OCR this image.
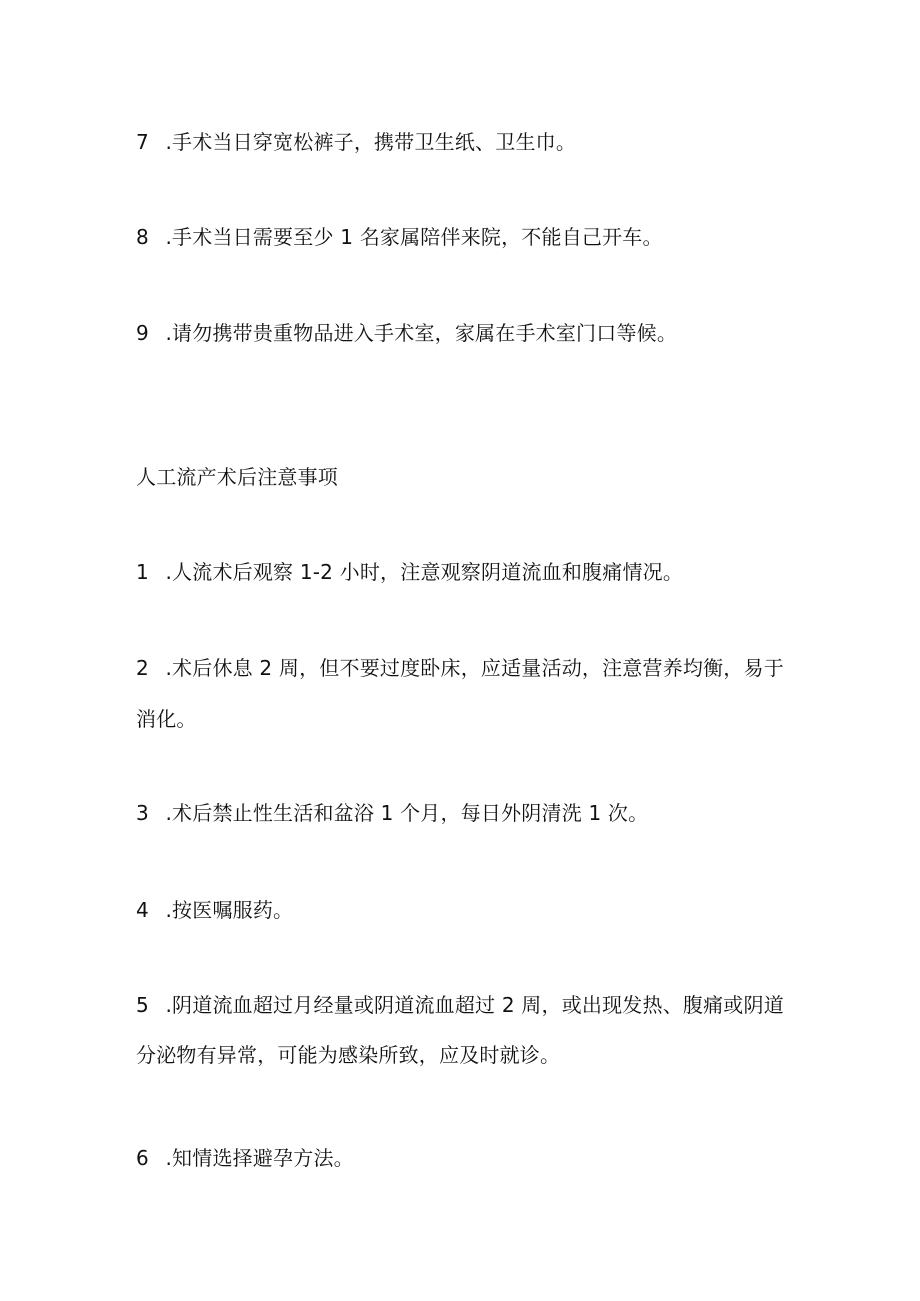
7 .手术当日穿宽松裤子，携带卫生纸、卫生巾。

8 .手术当日需要至少 1 名家属陪伴来院，不能自己开车。

9 .请勿携带贵重物品进入手术室，家属在手术室门口等候。

人工流产术后注意事项

1 .人流术后观察 1-2 小时，注意观察阴道流血和腹痛情况。

2 .术后休息 2 周，但不要过度卧床，应适量活动，注意营养均衡，易于

消化。

3 .术后禁止性生活和盆浴 1 个月，每日外阴清洗 1 次。

4 .按医嘱服药。

5 .阴道流血超过月经量或阴道流血超过 2 周，或出现发热、腹痛或阴道

分泌物有异常，可能为感染所致，应及时就诊。

6 .知情选择避孕方法。
